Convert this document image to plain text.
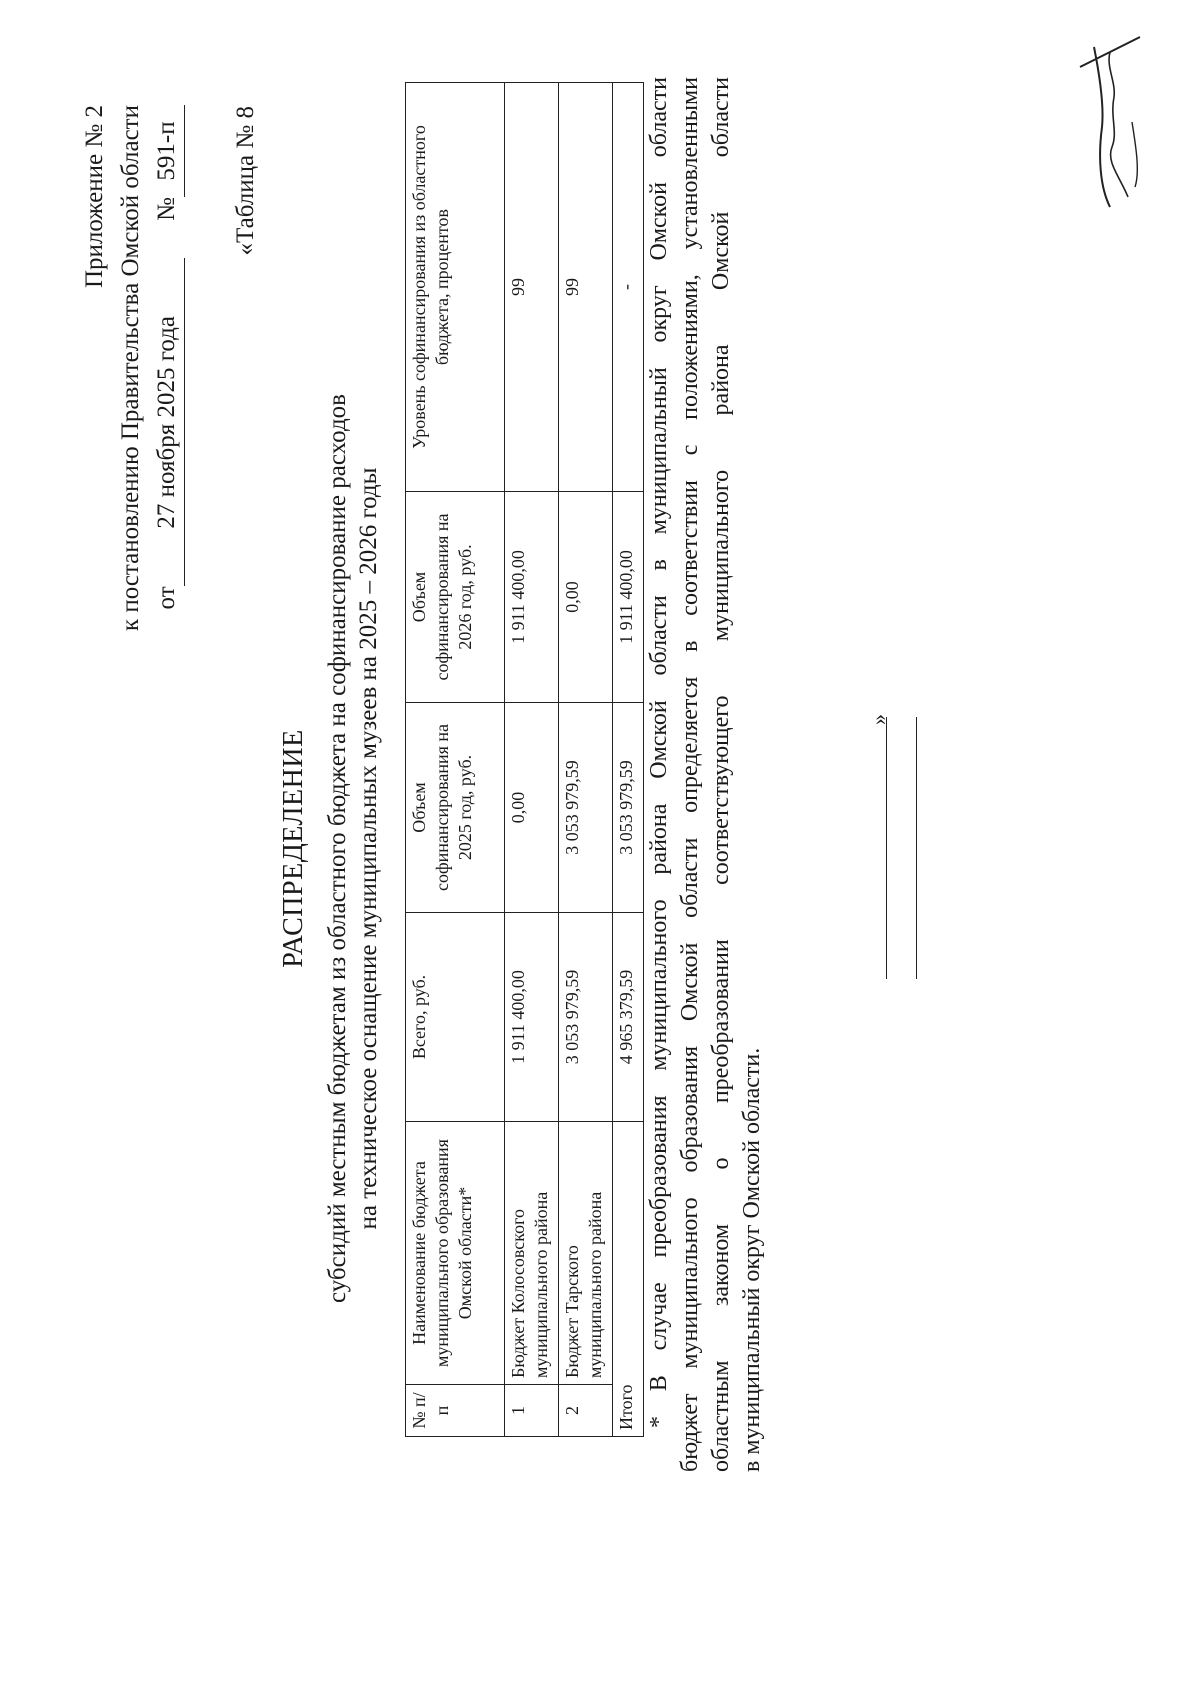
Приложение № 2 к постановлению Правительства Омской области от27 ноября 2025 года      №591-п «Таблица № 8
РАСПРЕДЕЛЕНИЕ субсидий местным бюджетам из областного бюджета на софинансирование расходов на техническое оснащение муниципальных музеев на 2025 – 2026 годы
№ п/п	Наименование бюджета муниципального образования Омской области*	Всего, руб.	Объем софинансирования на 2025 год, руб.	Объем софинансирования на 2026 год, руб.	Уровень софинансирования из областного бюджета, процентов
1	Бюджет Колосовского муниципального района	1 911 400,00	0,00	1 911 400,00	99
2	Бюджет Тарского муниципального района	3 053 979,59	3 053 979,59	0,00	99
Итого		4 965 379,59	3 053 979,59	1 911 400,00	- * В случае преобразования муниципального района Омской области в муниципальный округ Омской области бюджет муниципального образования Омской области определяется в соответствии с положениями, установленными областным законом о преобразовании соответствующего муниципального района Омской области в муниципальный округ Омской области.
»
